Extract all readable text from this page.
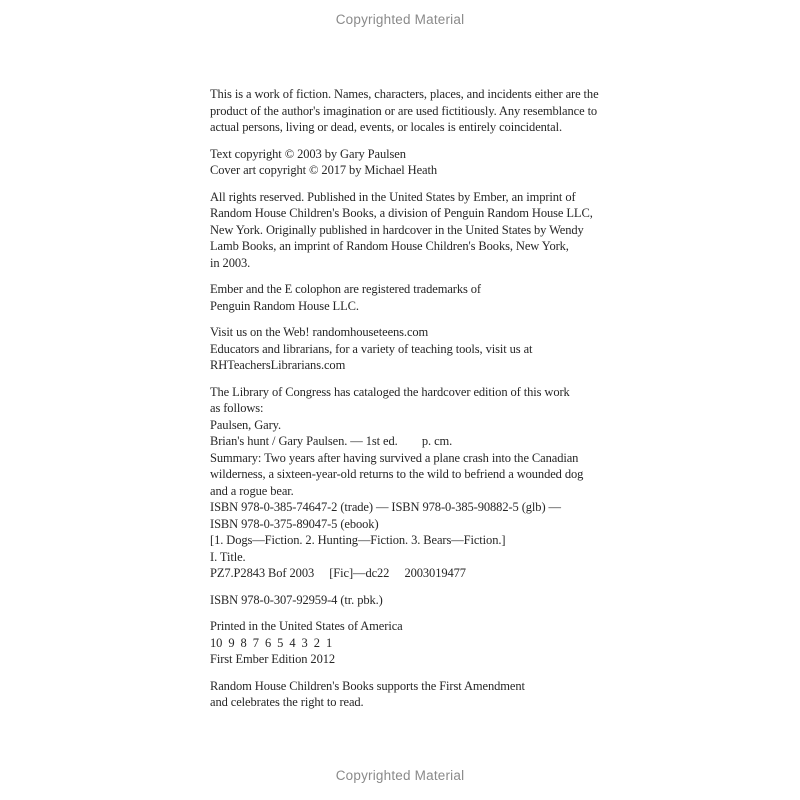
Copyrighted Material

This is a work of fiction. Names, characters, places, and incidents either are the
product of the author's imagination or are used fictitiously. Any resemblance to
actual persons, living or dead, events, or locales is entirely coincidental.

Text copyright © 2003 by Gary Paulsen
Cover art copyright © 2017 by Michael Heath

All rights reserved. Published in the United States by Ember, an imprint of
Random House Children's Books, a division of Penguin Random House LLC,
New York. Originally published in hardcover in the United States by Wendy
Lamb Books, an imprint of Random House Children's Books, New York,
in 2003.

Ember and the E colophon are registered trademarks of
Penguin Random House LLC.

Visit us on the Web! randomhouseteens.com
Educators and librarians, for a variety of teaching tools, visit us at
RHTeachersLibrarians.com

The Library of Congress has cataloged the hardcover edition of this work
as follows:
Paulsen, Gary.
Brian's hunt / Gary Paulsen. — 1st ed.        p. cm.
Summary: Two years after having survived a plane crash into the Canadian
wilderness, a sixteen-year-old returns to the wild to befriend a wounded dog
and a rogue bear.
ISBN 978-0-385-74647-2 (trade) — ISBN 978-0-385-90882-5 (glb) —
ISBN 978-0-375-89047-5 (ebook)
[1. Dogs—Fiction. 2. Hunting—Fiction. 3. Bears—Fiction.]
I. Title.
PZ7.P2843 Bof 2003     [Fic]—dc22     2003019477

ISBN 978-0-307-92959-4 (tr. pbk.)

Printed in the United States of America
10  9  8  7  6  5  4  3  2  1
First Ember Edition 2012

Random House Children's Books supports the First Amendment
and celebrates the right to read.

Copyrighted Material
